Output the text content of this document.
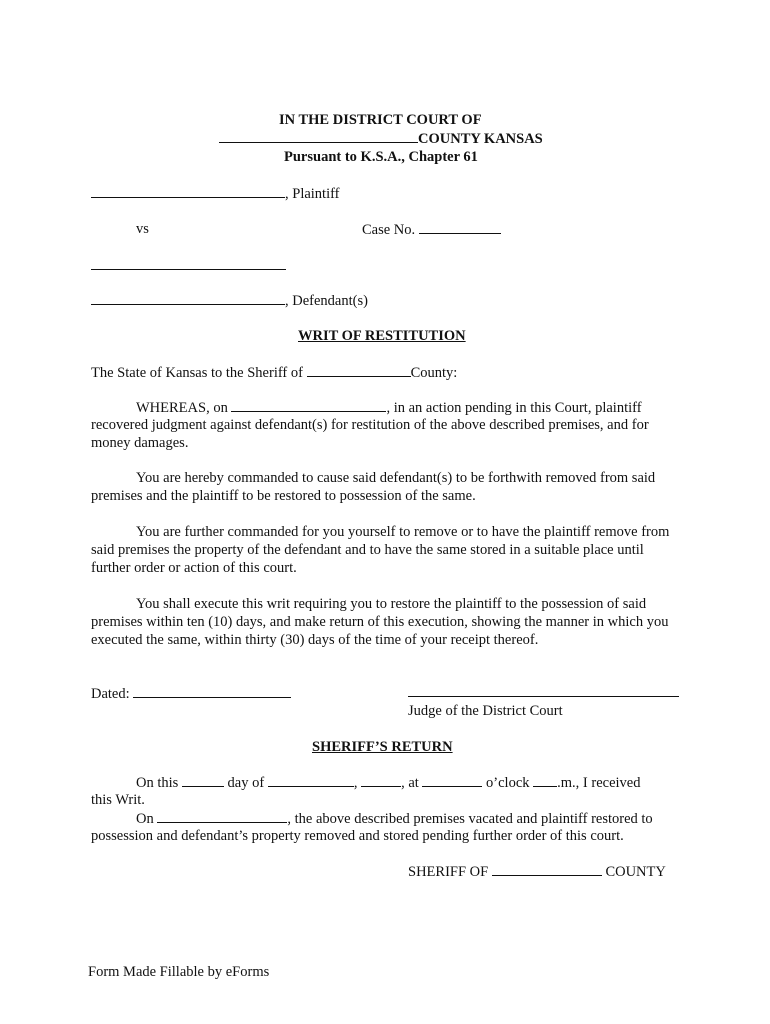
IN THE DISTRICT COURT OF
COUNTY KANSAS
Pursuant to K.S.A., Chapter 61
, Plaintiff
vs	Case No.
, Defendant(s)
WRIT OF RESTITUTION
The State of Kansas to the Sheriff of	County:
WHEREAS, on	, in an action pending in this Court, plaintiff
recovered judgment against defendant(s) for restitution of the above described premises, and for
money damages.
You are hereby commanded to cause said defendant(s) to be forthwith removed from said premises and the plaintiff to be restored to possession of the same.
You are further commanded for you yourself to remove or to have the plaintiff remove from said premises the property of the defendant and to have the same stored in a suitable place until further order or action of this court.
You shall execute this writ requiring you to restore the plaintiff to the possession of said premises within ten (10) days, and make return of this execution, showing the manner in which you executed the same, within thirty (30) days of the time of your receipt thereof.
Dated:
Judge of the District Court
SHERIFF’S RETURN
On this	day of	,	, at	o’clock .m., I received
this Writ.
On	, the above described premises vacated and plaintiff restored to
possession and defendant’s property removed and stored pending further order of this court.
SHERIFF OF	COUNTY
Form Made Fillable by eForms
